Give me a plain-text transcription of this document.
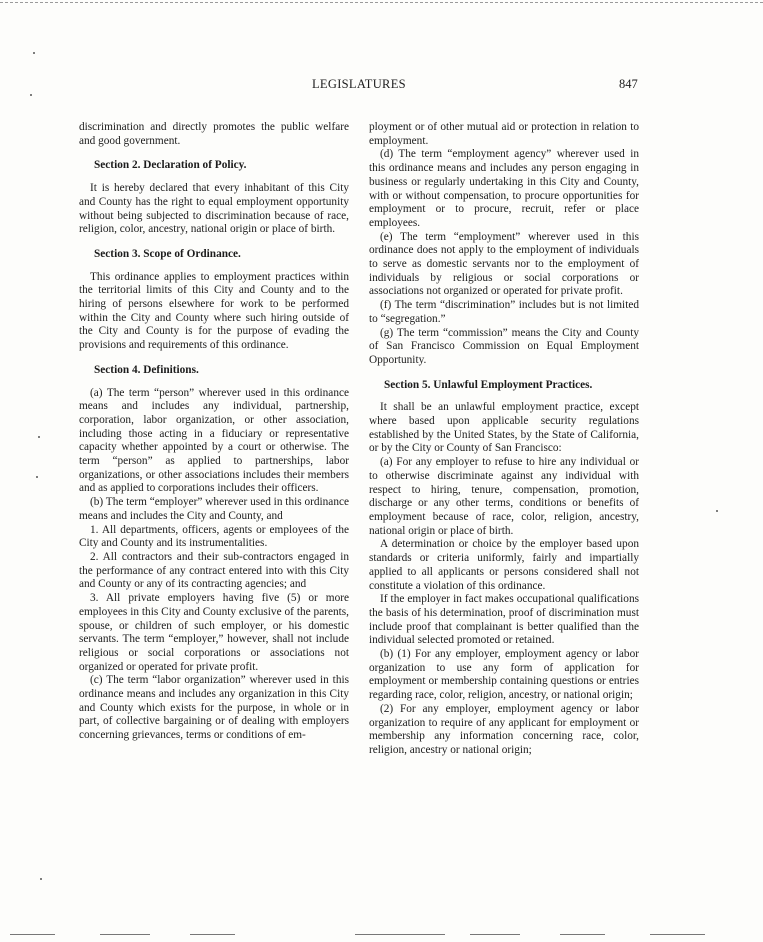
LEGISLATURES	847

discrimination and directly promotes the public welfare and good government.

Section 2. Declaration of Policy.

It is hereby declared that every inhabitant of this City and County has the right to equal employment opportunity without being subjected to discrimination because of race, religion, color, ancestry, national origin or place of birth.

Section 3. Scope of Ordinance.

This ordinance applies to employment practices within the territorial limits of this City and County and to the hiring of persons elsewhere for work to be performed within the City and County where such hiring outside of the City and County is for the purpose of evading the provisions and requirements of this ordinance.

Section 4. Definitions.

(a) The term “person” wherever used in this ordinance means and includes any individual, partnership, corporation, labor organization, or other association, including those acting in a fiduciary or representative capacity whether appointed by a court or otherwise. The term “person” as applied to partnerships, labor organizations, or other associations includes their members and as applied to corporations includes their officers.

(b) The term “employer” wherever used in this ordinance means and includes the City and County, and

1. All departments, officers, agents or employees of the City and County and its instrumentalities.

2. All contractors and their sub-contractors engaged in the performance of any contract entered into with this City and County or any of its contracting agencies; and

3. All private employers having five (5) or more employees in this City and County exclusive of the parents, spouse, or children of such employer, or his domestic servants. The term “employer,” however, shall not include religious or social corporations or associations not organized or operated for private profit.

(c) The term “labor organization” wherever used in this ordinance means and includes any organization in this City and County which exists for the purpose, in whole or in part, of collective bargaining or of dealing with employers concerning grievances, terms or conditions of em-

ployment or of other mutual aid or protection in relation to employment.

(d) The term “employment agency” wherever used in this ordinance means and includes any person engaging in business or regularly undertaking in this City and County, with or without compensation, to procure opportunities for employment or to procure, recruit, refer or place employees.

(e) The term “employment” wherever used in this ordinance does not apply to the employment of individuals to serve as domestic servants nor to the employment of individuals by religious or social corporations or associations not organized or operated for private profit.

(f) The term “discrimination” includes but is not limited to “segregation.”

(g) The term “commission” means the City and County of San Francisco Commission on Equal Employment Opportunity.

Section 5. Unlawful Employment Practices.

It shall be an unlawful employment practice, except where based upon applicable security regulations established by the United States, by the State of California, or by the City or County of San Francisco:

(a) For any employer to refuse to hire any individual or to otherwise discriminate against any individual with respect to hiring, tenure, compensation, promotion, discharge or any other terms, conditions or benefits of employment because of race, color, religion, ancestry, national origin or place of birth.

A determination or choice by the employer based upon standards or criteria uniformly, fairly and impartially applied to all applicants or persons considered shall not constitute a violation of this ordinance.

If the employer in fact makes occupational qualifications the basis of his determination, proof of discrimination must include proof that complainant is better qualified than the individual selected promoted or retained.

(b) (1) For any employer, employment agency or labor organization to use any form of application for employment or membership containing questions or entries regarding race, color, religion, ancestry, or national origin;

(2) For any employer, employment agency or labor organization to require of any applicant for employment or membership any information concerning race, color, religion, ancestry or national origin;
